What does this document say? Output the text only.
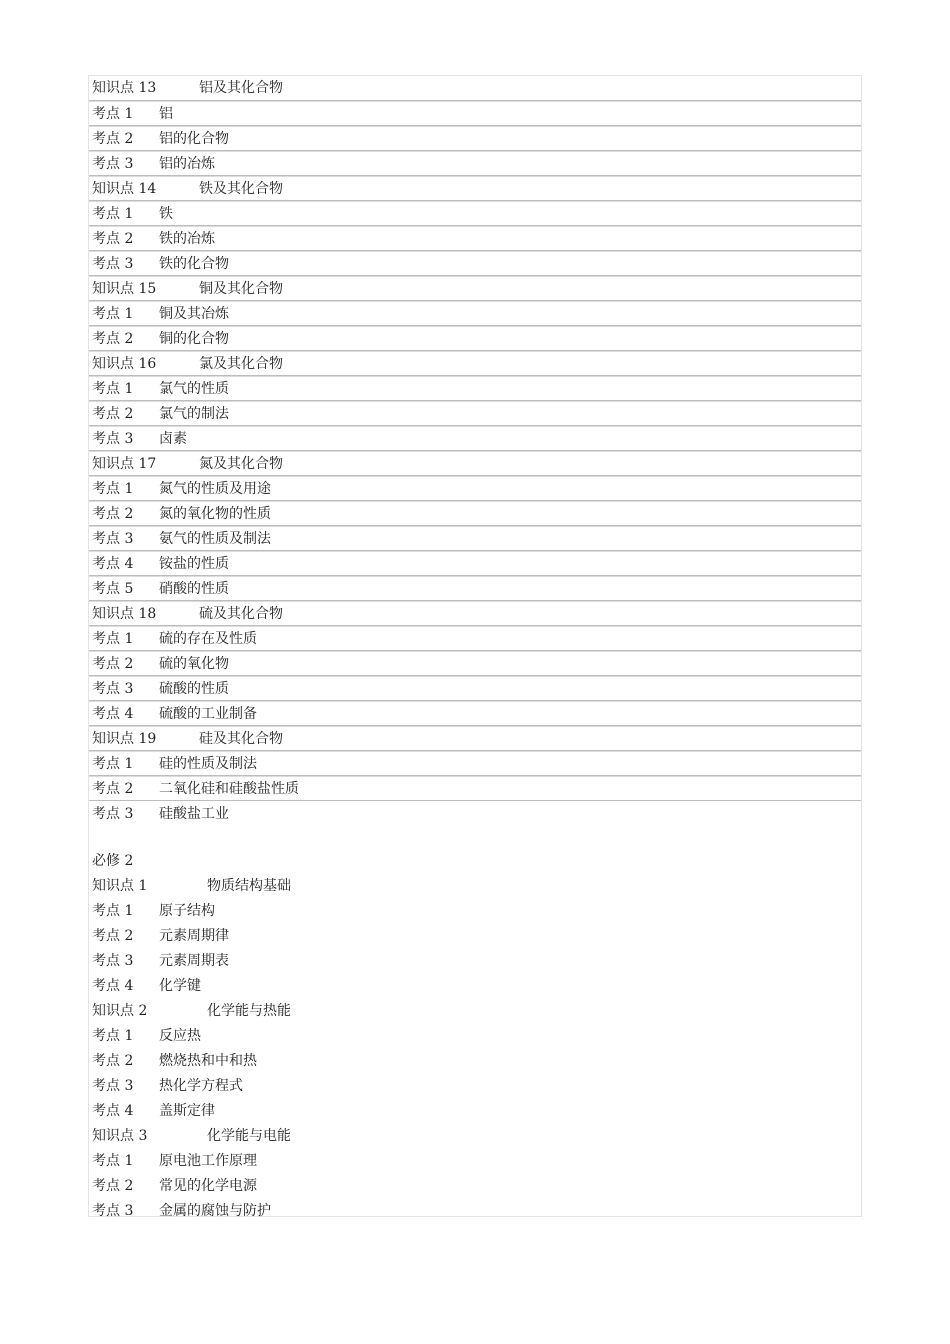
知识点 13	铝及其化合物
考点 1	铝
考点 2	铝的化合物
考点 3	铝的冶炼
知识点 14	铁及其化合物
考点 1	铁
考点 2	铁的冶炼
考点 3	铁的化合物
知识点 15	铜及其化合物
考点 1	铜及其冶炼
考点 2	铜的化合物
知识点 16	氯及其化合物
考点 1	氯气的性质
考点 2	氯气的制法
考点 3	卤素
知识点 17	氮及其化合物
考点 1	氮气的性质及用途
考点 2	氮的氧化物的性质
考点 3	氨气的性质及制法
考点 4	铵盐的性质
考点 5	硝酸的性质
知识点 18	硫及其化合物
考点 1	硫的存在及性质
考点 2	硫的氧化物
考点 3	硫酸的性质
考点 4	硫酸的工业制备
知识点 19	硅及其化合物
考点 1	硅的性质及制法
考点 2	二氧化硅和硅酸盐性质
考点 3	硅酸盐工业
必修 2
知识点 1	物质结构基础
考点 1	原子结构
考点 2	元素周期律
考点 3	元素周期表
考点 4	化学键
知识点 2	化学能与热能
考点 1	反应热
考点 2	燃烧热和中和热
考点 3	热化学方程式
考点 4	盖斯定律
知识点 3	化学能与电能
考点 1	原电池工作原理
考点 2	常见的化学电源
考点 3	金属的腐蚀与防护
